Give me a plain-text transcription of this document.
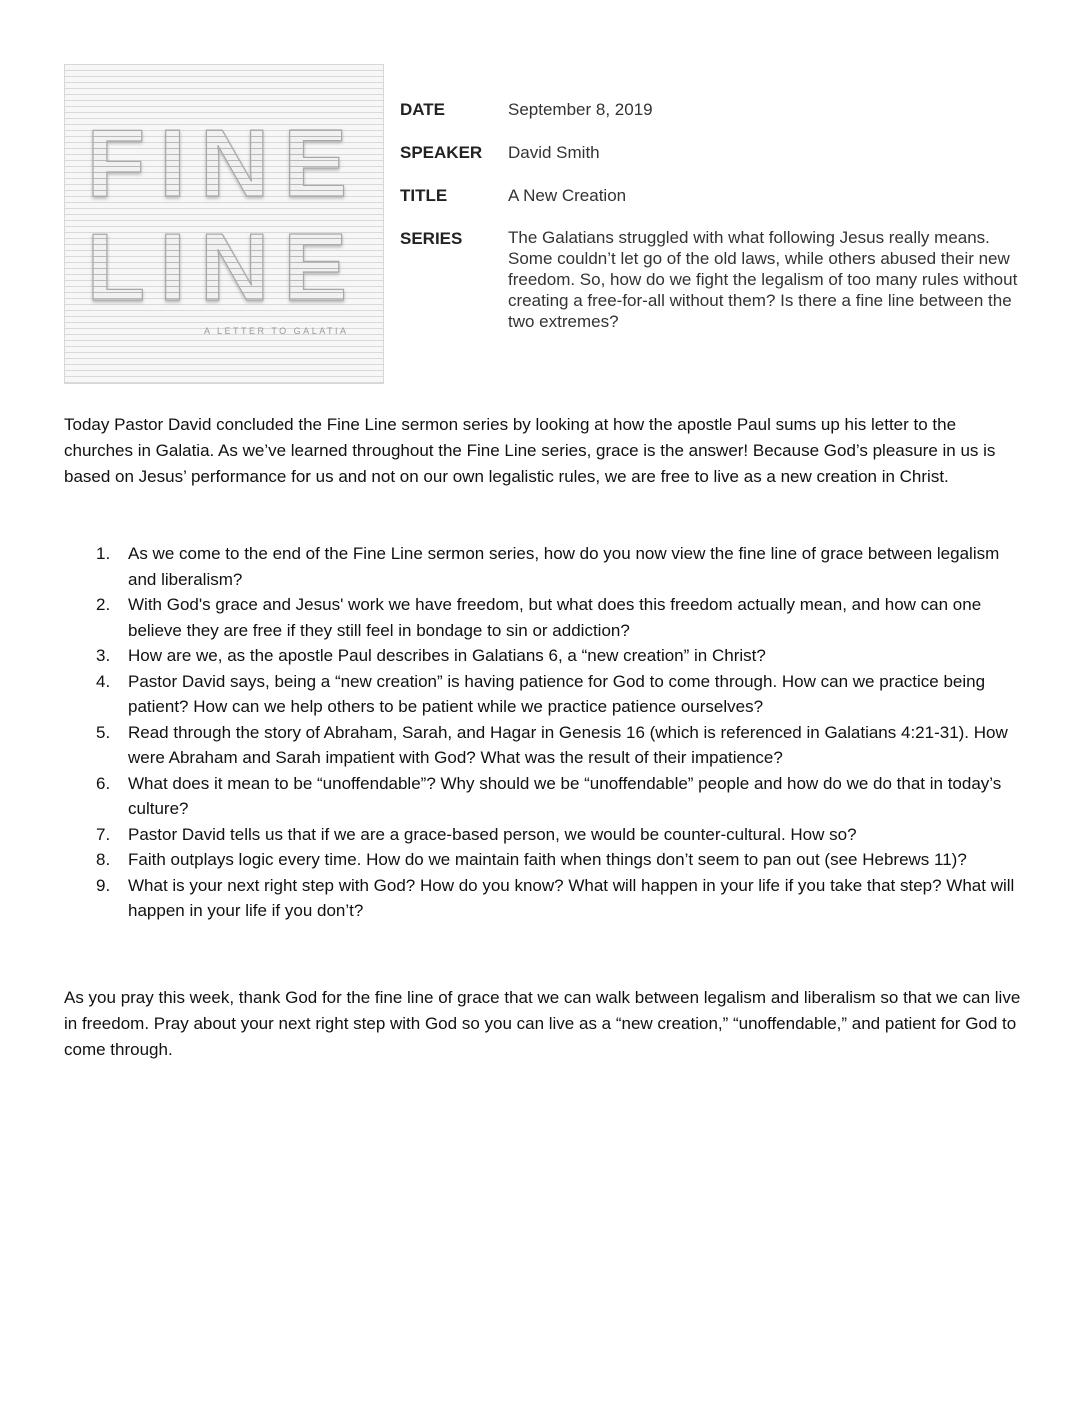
FINE
LINE
A LETTER TO GALATIA
DATE	September 8, 2019
SPEAKER	David Smith
TITLE	A New Creation
SERIES	The Galatians struggled with what following Jesus really means. Some couldn’t let go of the old laws, while others abused their new freedom. So, how do we fight the legalism of too many rules without creating a free-for-all without them? Is there a fine line between the two extremes?

Today Pastor David concluded the Fine Line sermon series by looking at how the apostle Paul sums up his letter to the churches in Galatia. As we’ve learned throughout the Fine Line series, grace is the answer! Because God’s pleasure in us is based on Jesus’ performance for us and not on our own legalistic rules, we are free to live as a new creation in Christ.

1.	As we come to the end of the Fine Line sermon series, how do you now view the fine line of grace between legalism and liberalism?
2.	With God's grace and Jesus' work we have freedom, but what does this freedom actually mean, and how can one believe they are free if they still feel in bondage to sin or addiction?
3.	How are we, as the apostle Paul describes in Galatians 6, a “new creation” in Christ?
4.	Pastor David says, being a “new creation” is having patience for God to come through. How can we practice being patient? How can we help others to be patient while we practice patience ourselves?
5.	Read through the story of Abraham, Sarah, and Hagar in Genesis 16 (which is referenced in Galatians 4:21-31). How were Abraham and Sarah impatient with God? What was the result of their impatience?
6.	What does it mean to be “unoffendable”? Why should we be “unoffendable” people and how do we do that in today’s culture?
7.	Pastor David tells us that if we are a grace-based person, we would be counter-cultural. How so?
8.	Faith outplays logic every time. How do we maintain faith when things don’t seem to pan out (see Hebrews 11)?
9.	What is your next right step with God? How do you know? What will happen in your life if you take that step? What will happen in your life if you don’t?

As you pray this week, thank God for the fine line of grace that we can walk between legalism and liberalism so that we can live in freedom. Pray about your next right step with God so you can live as a “new creation,” “unoffendable,” and patient for God to come through.
